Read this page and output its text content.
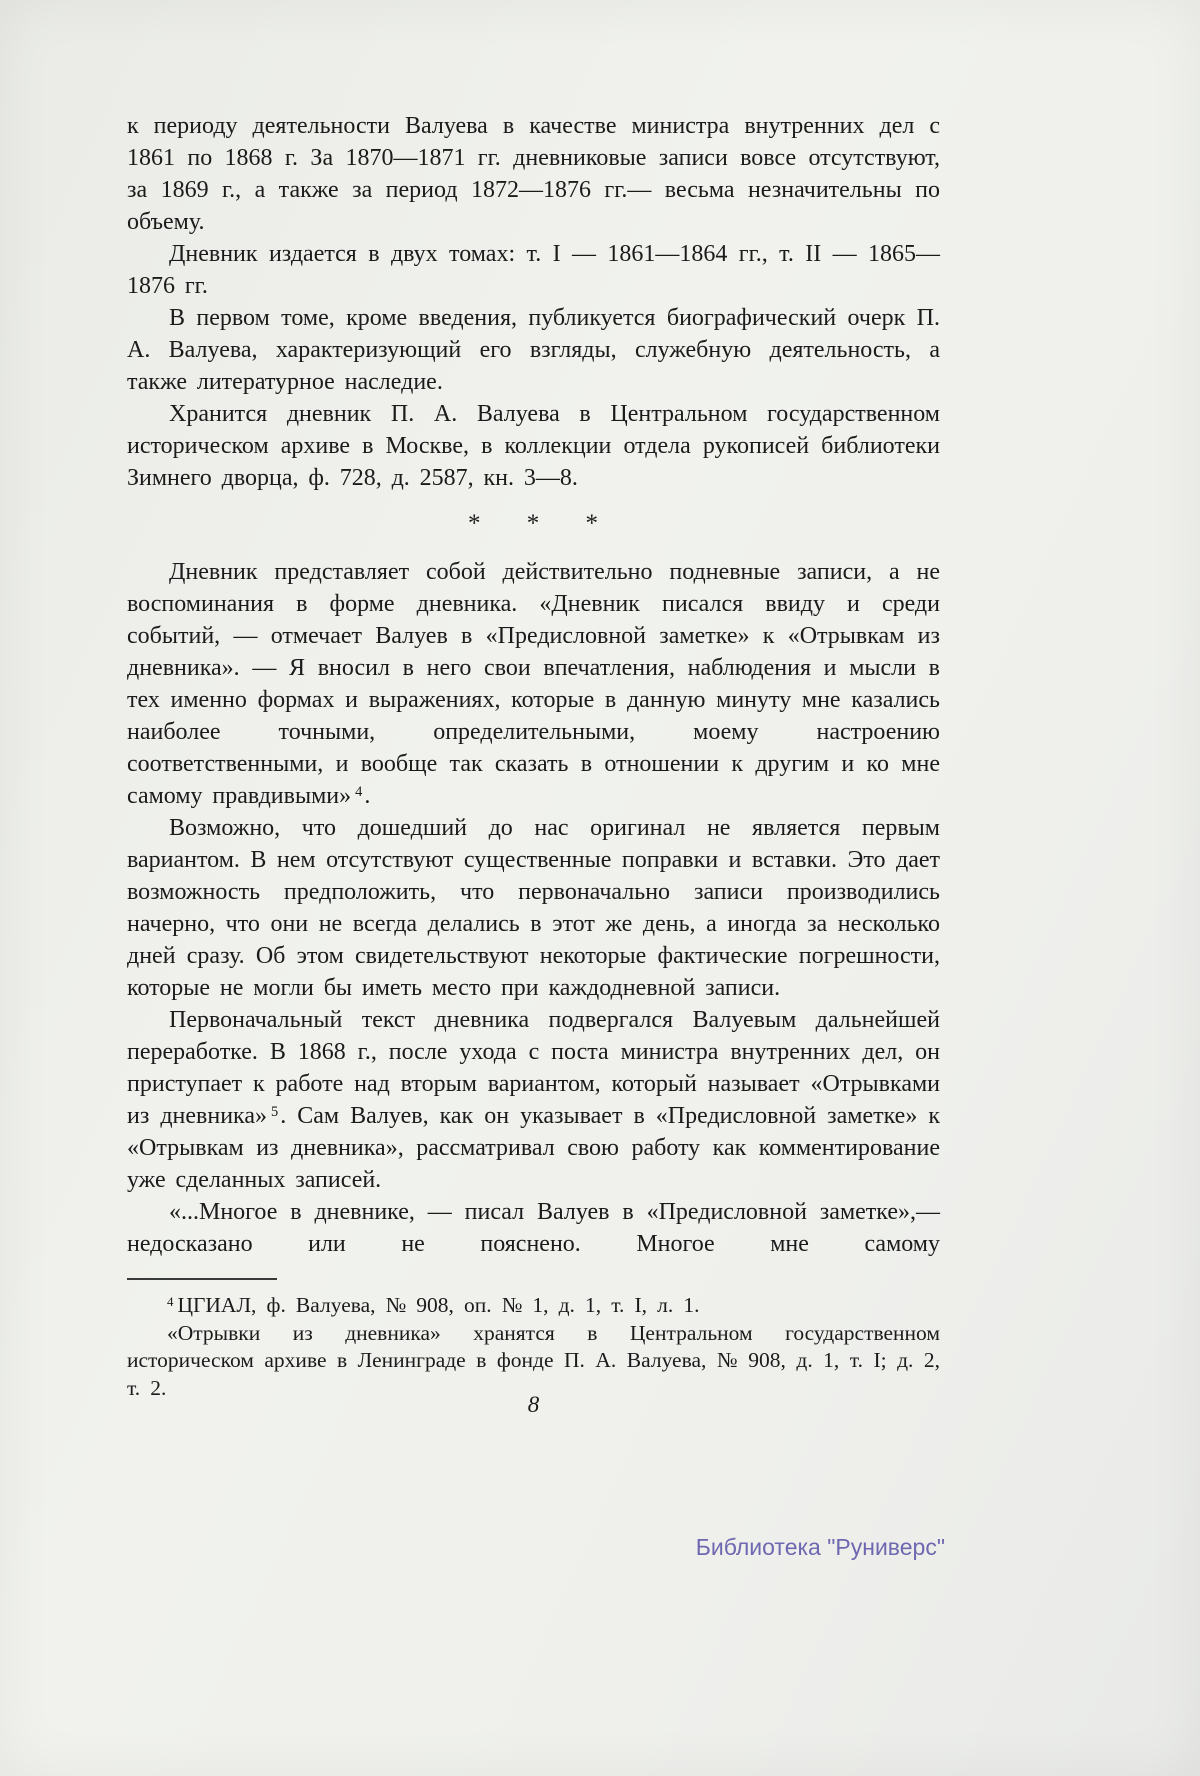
к периоду деятельности Валуева в качестве министра внутренних дел с 1861 по 1868 г. За 1870—1871 гг. дневниковые записи вовсе отсутствуют, за 1869 г., а также за период 1872—1876 гг.— весьма незначительны по объему.

Дневник издается в двух томах: т. I — 1861—1864 гг., т. II — 1865—1876 гг.

В первом томе, кроме введения, публикуется биографический очерк П. А. Валуева, характеризующий его взгляды, служебную деятельность, а также литературное наследие.

Хранится дневник П. А. Валуева в Центральном государственном историческом архиве в Москве, в коллекции отдела рукописей библиотеки Зимнего дворца, ф. 728, д. 2587, кн. 3—8.

* * *

Дневник представляет собой действительно подневные записи, а не воспоминания в форме дневника. «Дневник писался ввиду и среди событий, — отмечает Валуев в «Предисловной заметке» к «Отрывкам из дневника». — Я вносил в него свои впечатления, наблюдения и мысли в тех именно формах и выражениях, которые в данную минуту мне казались наиболее точными, определительными, моему настроению соответственными, и вообще так сказать в отношении к другим и ко мне самому правдивыми» $^4$.

Возможно, что дошедший до нас оригинал не является первым вариантом. В нем отсутствуют существенные поправки и вставки. Это дает возможность предположить, что первоначально записи производились начерно, что они не всегда делались в этот же день, а иногда за несколько дней сразу. Об этом свидетельствуют некоторые фактические погрешности, которые не могли бы иметь место при каждодневной записи.

Первоначальный текст дневника подвергался Валуевым дальнейшей переработке. В 1868 г., после ухода с поста министра внутренних дел, он приступает к работе над вторым вариантом, который называет «Отрывками из дневника» $^5$. Сам Валуев, как он указывает в «Предисловной заметке» к «Отрывкам из дневника», рассматривал свою работу как комментирование уже сделанных записей.

«...Многое в дневнике, — писал Валуев в «Предисловной заметке»,— недосказано или не пояснено. Многое мне самому

$^4$ ЦГИАЛ, ф. Валуева, № 908, оп. № 1, д. 1, т. I, л. 1.

«Отрывки из дневника» хранятся в Центральном государственном историческом архиве в Ленинграде в фонде П. А. Валуева, № 908, д. 1, т. I; д. 2, т. 2.

8
Библиотека "Руниверс"
